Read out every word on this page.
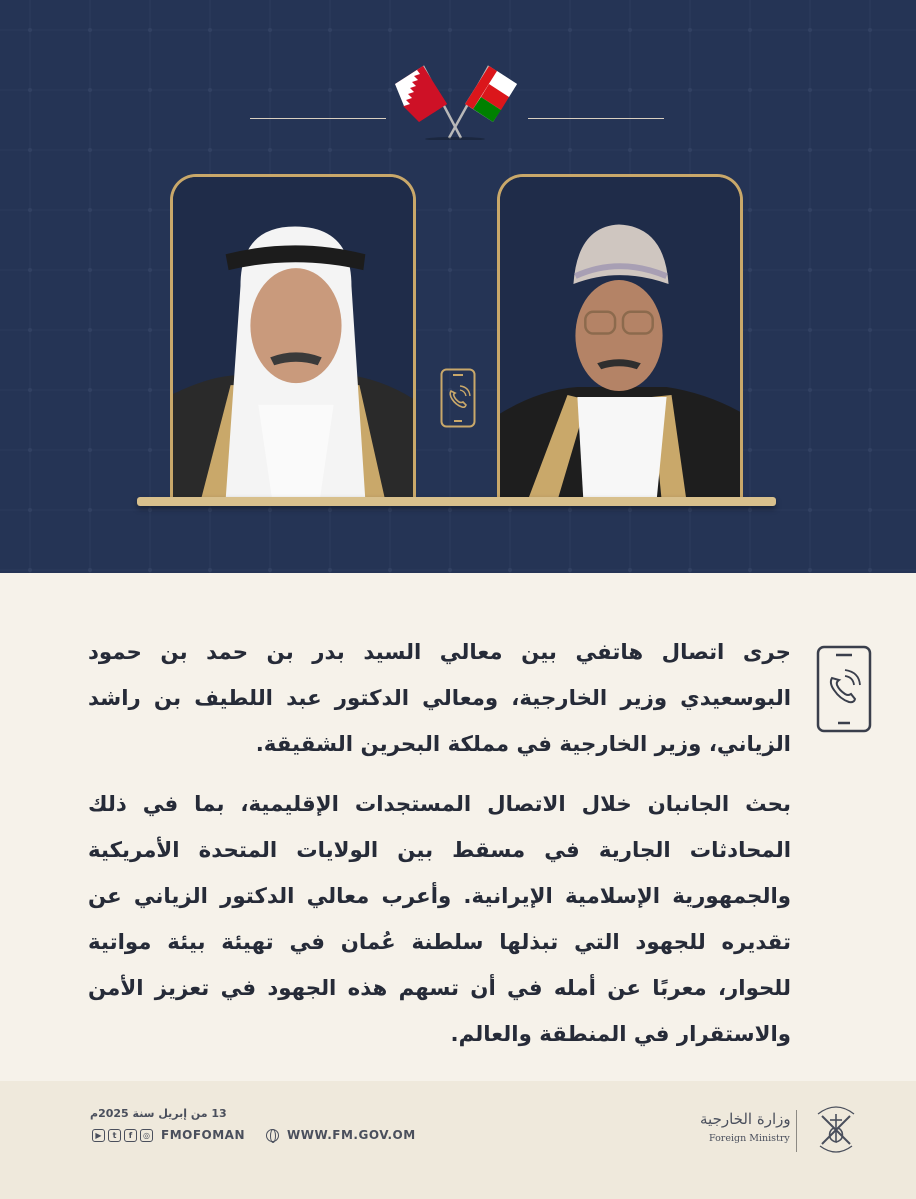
جرى اتصال هاتفي بين معالي السيد بدر بن حمد بن حمود البوسعيدي وزير الخارجية، ومعالي الدكتور عبد اللطيف بن راشد الزياني، وزير الخارجية في مملكة البحرين الشقيقة.

بحث الجانبان خلال الاتصال المستجدات الإقليمية، بما في ذلك المحادثات الجارية في مسقط بين الولايات المتحدة الأمريكية والجمهورية الإسلامية الإيرانية. وأعرب معالي الدكتور الزياني عن تقديره للجهود التي تبذلها سلطنة عُمان في تهيئة بيئة مواتية للحوار، معربًا عن أمله في أن تسهم هذه الجهود في تعزيز الأمن والاستقرار في المنطقة والعالم.

13 من إبريل سنة 2025م
▶	t	f	◎ FMOFOMAN	WWW.FM.GOV.OM
وزارة الخارجية
Foreign Ministry
